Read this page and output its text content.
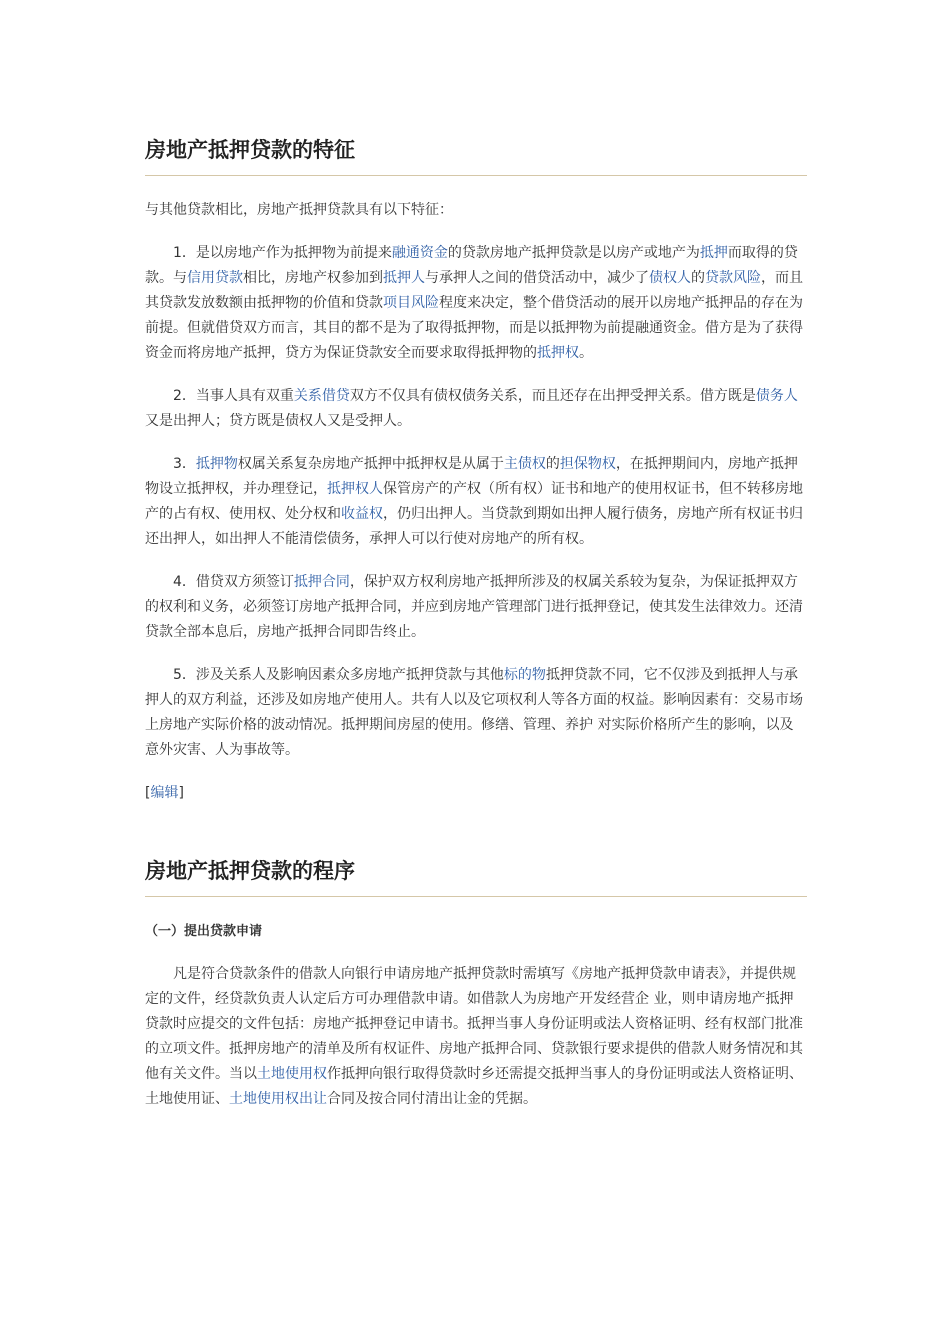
房地产抵押贷款的特征

与其他贷款相比，房地产抵押贷款具有以下特征：

1．是以房地产作为抵押物为前提来融通资金的贷款房地产抵押贷款是以房产或地产为抵押而取得的贷款。与信用贷款相比，房地产权参加到抵押人与承押人之间的借贷活动中，减少了债权人的贷款风险，而且其贷款发放数额由抵押物的价值和贷款项目风险程度来决定，整个借贷活动的展开以房地产抵押品的存在为前提。但就借贷双方而言，其目的都不是为了取得抵押物，而是以抵押物为前提融通资金。借方是为了获得资金而将房地产抵押，贷方为保证贷款安全而要求取得抵押物的抵押权。

2．当事人具有双重关系借贷双方不仅具有债权债务关系，而且还存在出押受押关系。借方既是债务人又是出押人；贷方既是债权人又是受押人。

3．抵押物权属关系复杂房地产抵押中抵押权是从属于主债权的担保物权，在抵押期间内，房地产抵押物设立抵押权，并办理登记，抵押权人保管房产的产权（所有权）证书和地产的使用权证书，但不转移房地产的占有权、使用权、处分权和收益权，仍归出押人。当贷款到期如出押人履行债务，房地产所有权证书归还出押人，如出押人不能清偿债务，承押人可以行使对房地产的所有权。

4．借贷双方须签订抵押合同，保护双方权利房地产抵押所涉及的权属关系较为复杂，为保证抵押双方的权利和义务，必须签订房地产抵押合同，并应到房地产管理部门进行抵押登记，使其发生法律效力。还清贷款全部本息后，房地产抵押合同即告终止。

5．涉及关系人及影响因素众多房地产抵押贷款与其他标的物抵押贷款不同，它不仅涉及到抵押人与承押人的双方利益，还涉及如房地产使用人。共有人以及它项权利人等各方面的权益。影响因素有：交易市场上房地产实际价格的波动情况。抵押期间房屋的使用。修缮、管理、养护 对实际价格所产生的影响，以及意外灾害、人为事故等。

[编辑]

房地产抵押贷款的程序

（一）提出贷款申请

凡是符合贷款条件的借款人向银行申请房地产抵押贷款时需填写《房地产抵押贷款申请表》，并提供规定的文件，经贷款负责人认定后方可办理借款申请。如借款人为房地产开发经营企 业，则申请房地产抵押贷款时应提交的文件包括：房地产抵押登记申请书。抵押当事人身份证明或法人资格证明、经有权部门批准的立项文件。抵押房地产的清单及所有权证件、房地产抵押合同、贷款银行要求提供的借款人财务情况和其他有关文件。当以土地使用权作抵押向银行取得贷款时乡还需提交抵押当事人的身份证明或法人资格证明、土地使用证、土地使用权出让合同及按合同付清出让金的凭据。
